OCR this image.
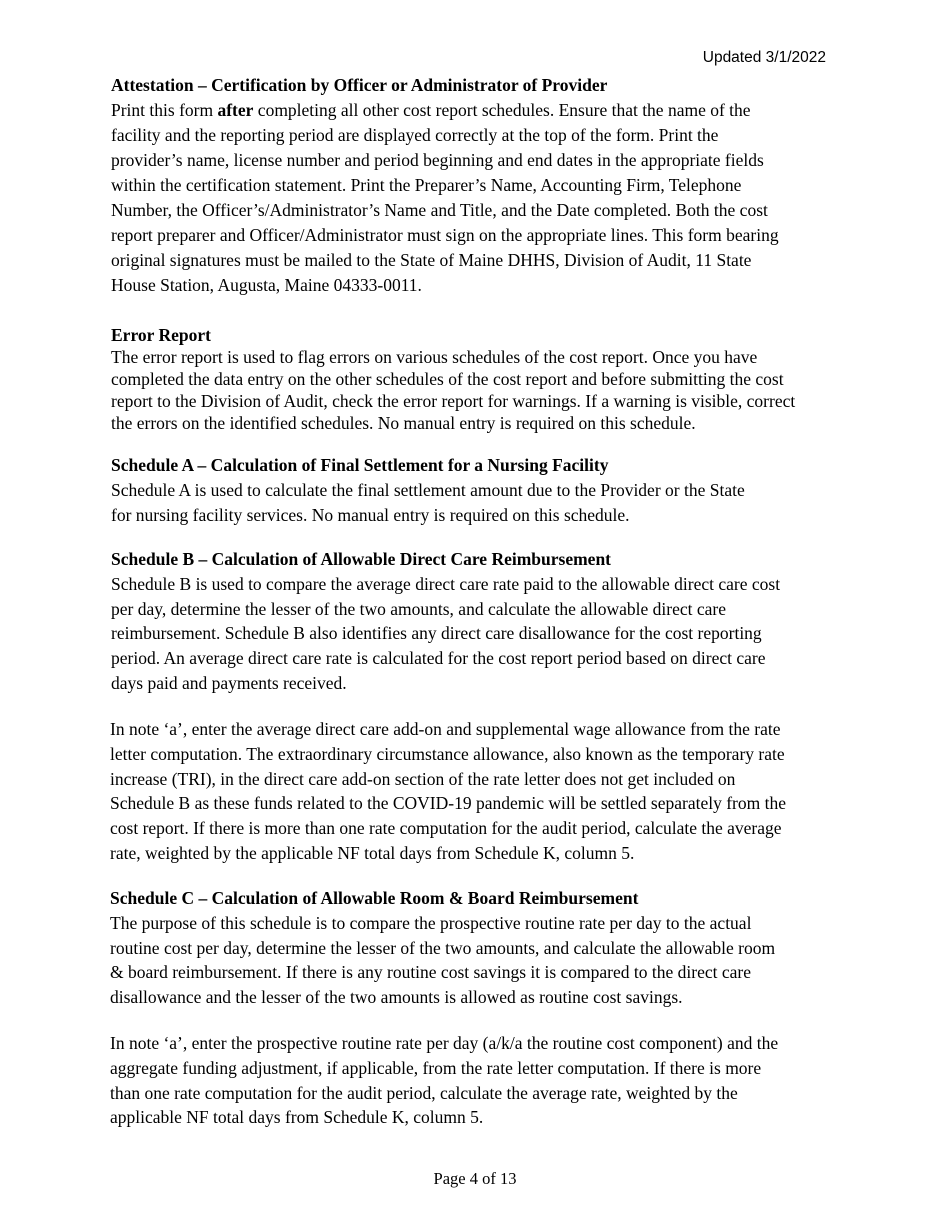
Updated 3/1/2022
Attestation – Certification by Officer or Administrator of Provider
Print this form after completing all other cost report schedules. Ensure that the name of the
facility and the reporting period are displayed correctly at the top of the form. Print the
provider’s name, license number and period beginning and end dates in the appropriate fields
within the certification statement. Print the Preparer’s Name, Accounting Firm, Telephone
Number, the Officer’s/Administrator’s Name and Title, and the Date completed. Both the cost
report preparer and Officer/Administrator must sign on the appropriate lines. This form bearing
original signatures must be mailed to the State of Maine DHHS, Division of Audit, 11 State
House Station, Augusta, Maine 04333-0011.
Error Report
The error report is used to flag errors on various schedules of the cost report. Once you have
completed the data entry on the other schedules of the cost report and before submitting the cost
report to the Division of Audit, check the error report for warnings. If a warning is visible, correct
the errors on the identified schedules. No manual entry is required on this schedule.
Schedule A – Calculation of Final Settlement for a Nursing Facility
Schedule A is used to calculate the final settlement amount due to the Provider or the State
for nursing facility services. No manual entry is required on this schedule.
Schedule B – Calculation of Allowable Direct Care Reimbursement
Schedule B is used to compare the average direct care rate paid to the allowable direct care cost
per day, determine the lesser of the two amounts, and calculate the allowable direct care
reimbursement. Schedule B also identifies any direct care disallowance for the cost reporting
period. An average direct care rate is calculated for the cost report period based on direct care
days paid and payments received.
In note ‘a’, enter the average direct care add-on and supplemental wage allowance from the rate
letter computation. The extraordinary circumstance allowance, also known as the temporary rate
increase (TRI), in the direct care add-on section of the rate letter does not get included on
Schedule B as these funds related to the COVID-19 pandemic will be settled separately from the
cost report. If there is more than one rate computation for the audit period, calculate the average
rate, weighted by the applicable NF total days from Schedule K, column 5.
Schedule C – Calculation of Allowable Room & Board Reimbursement
The purpose of this schedule is to compare the prospective routine rate per day to the actual
routine cost per day, determine the lesser of the two amounts, and calculate the allowable room
& board reimbursement. If there is any routine cost savings it is compared to the direct care
disallowance and the lesser of the two amounts is allowed as routine cost savings.
In note ‘a’, enter the prospective routine rate per day (a/k/a the routine cost component) and the
aggregate funding adjustment, if applicable, from the rate letter computation. If there is more
than one rate computation for the audit period, calculate the average rate, weighted by the
applicable NF total days from Schedule K, column 5.
Page 4 of 13
